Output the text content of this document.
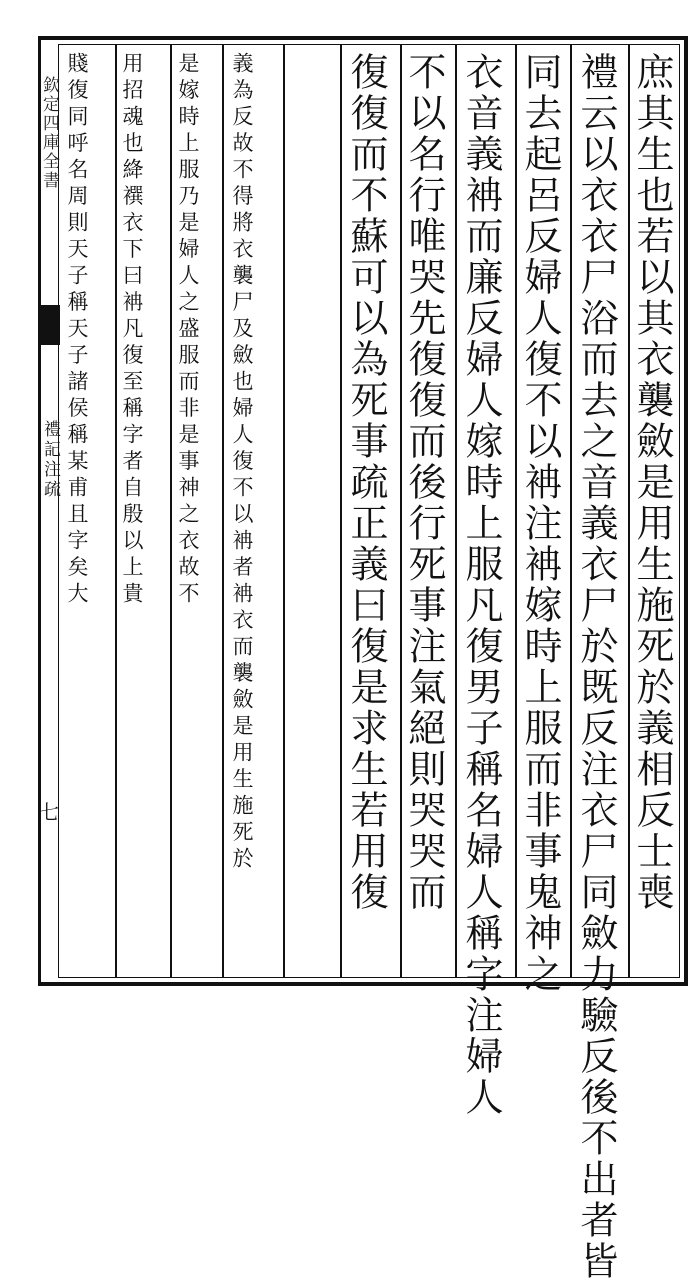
欽定四庫全書
禮記注疏
七	庶其生也若以其衣襲斂是用生施死於義相反士喪
禮云以衣衣尸浴而去之音義衣尸於既反注衣尸同斂力驗反後不出者皆
同去起呂反婦人復不以袡注袡嫁時上服而非事鬼神之
衣音義袡而廉反婦人嫁時上服凡復男子稱名婦人稱字注婦人
不以名行唯哭先復復而後行死事注氣絕則哭哭而
復復而不蘇可以為死事疏正義曰復是求生若用復
義為反故不得將衣襲尸及斂也婦人復不以袡者袡衣而襲斂是用生施死於
是嫁時上服乃是婦人之盛服而非是事神之衣故不
用招魂也絳襈衣下曰袡凡復至稱字者自殷以上貴
賤復同呼名周則天子稱天子諸侯稱某甫且字矣大
